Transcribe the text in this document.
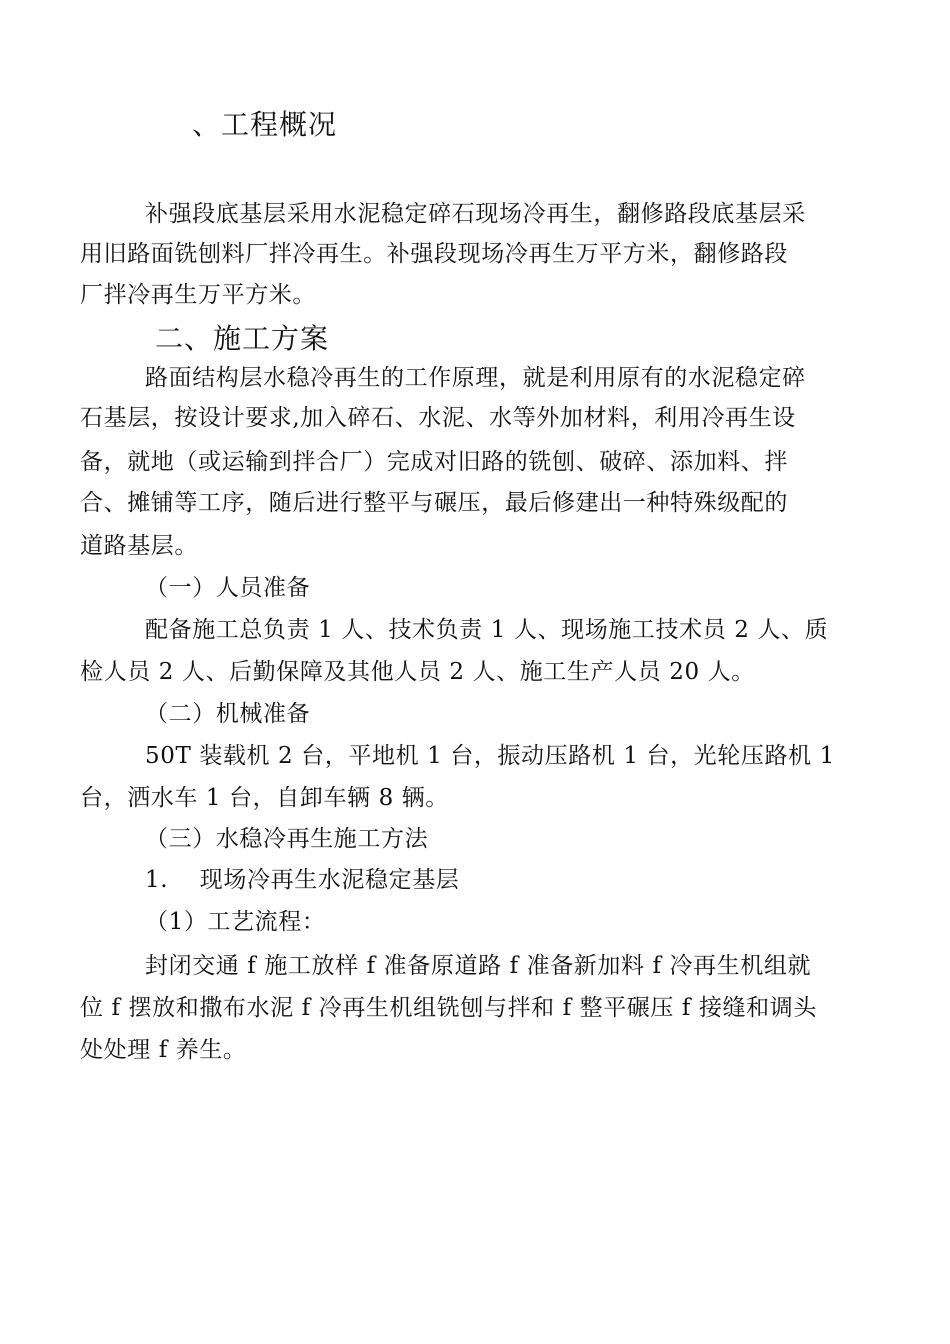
、工程概况
补强段底基层采用水泥稳定碎石现场冷再生，翻修路段底基层采
用旧路面铣刨料厂拌冷再生。补强段现场冷再生万平方米，翻修路段
厂拌冷再生万平方米。
二、施工方案
路面结构层水稳冷再生的工作原理，就是利用原有的水泥稳定碎
石基层，按设计要求,加入碎石、水泥、水等外加材料，利用冷再生设
备，就地（或运输到拌合厂）完成对旧路的铣刨、破碎、添加料、拌
合、摊铺等工序，随后进行整平与碾压，最后修建出一种特殊级配的
道路基层。
（一）人员准备
配备施工总负责 1 人、技术负责 1 人、现场施工技术员 2 人、质
检人员 2 人、后勤保障及其他人员 2 人、施工生产人员 20 人。
（二）机械准备
50T 装载机 2 台，平地机 1 台，振动压路机 1 台，光轮压路机 1
台，洒水车 1 台，自卸车辆 8 辆。
（三）水稳冷再生施工方法
1.    现场冷再生水泥稳定基层
（1）工艺流程：
封闭交通 f 施工放样 f 准备原道路 f 准备新加料 f 冷再生机组就
位 f 摆放和撒布水泥 f 冷再生机组铣刨与拌和 f 整平碾压 f 接缝和调头
处处理 f 养生。
